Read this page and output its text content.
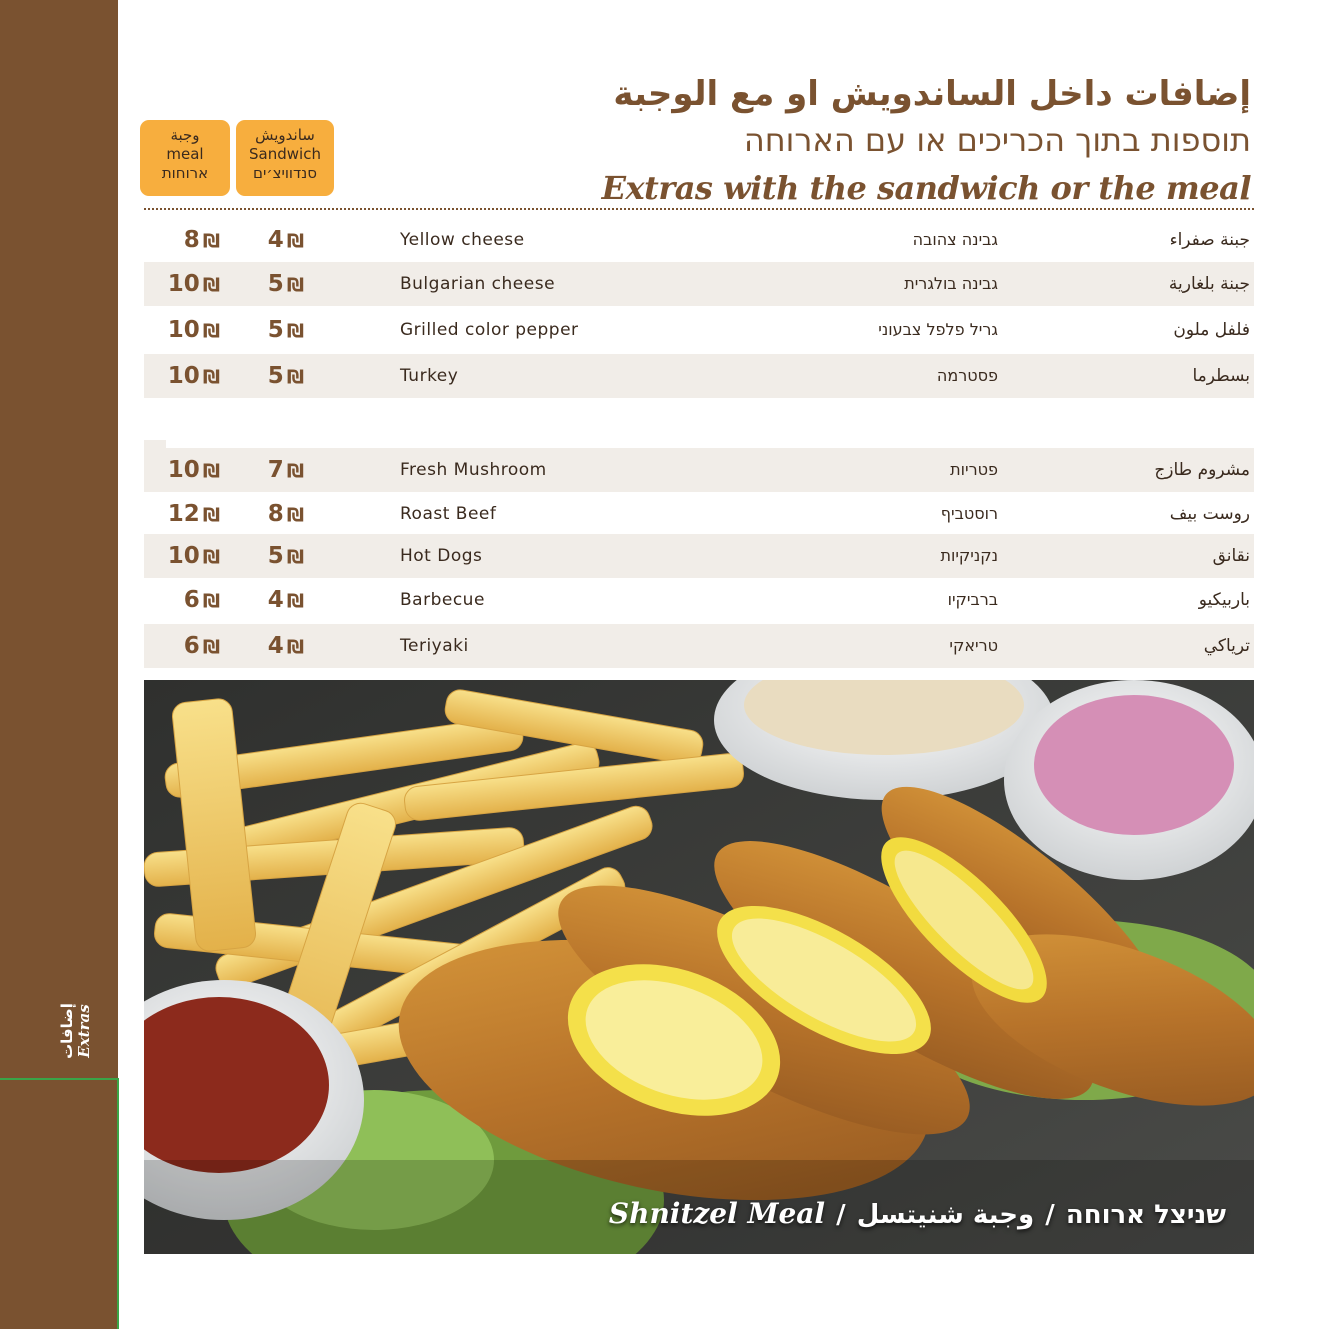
إضافات Extras
إضافات داخل الساندويش او مع الوجبة
תוספות בתוך הכריכים או עם הארוחה
Extras with the sandwich or the meal
وجبة
meal
ארוחות
ساندويش
Sandwich
סנדוויצ׳ים
8 ₪	4 ₪	Yellow cheese	גבינה צהובה	جبنة صفراء
10 ₪	5 ₪	Bulgarian cheese	גבינה בולגרית	جبنة بلغارية
10 ₪	5 ₪	Grilled color pepper	גריל פלפל צבעוני	فلفل ملون
10 ₪	5 ₪	Turkey	פסטרמה	بسطرما
10 ₪	7 ₪	Fresh Mushroom	פטריות	مشروم طازج
12 ₪	8 ₪	Roast Beef	רוסטביף	روست بيف
10 ₪	5 ₪	Hot Dogs	נקניקיות	نقانق
6 ₪	4 ₪	Barbecue	ברביקיו	باربيكيو
6 ₪	4 ₪	Teriyaki	טריאקי	ترياكي
Shnitzel Meal /	שניצל ארוחה / وجبة شنيتسل
